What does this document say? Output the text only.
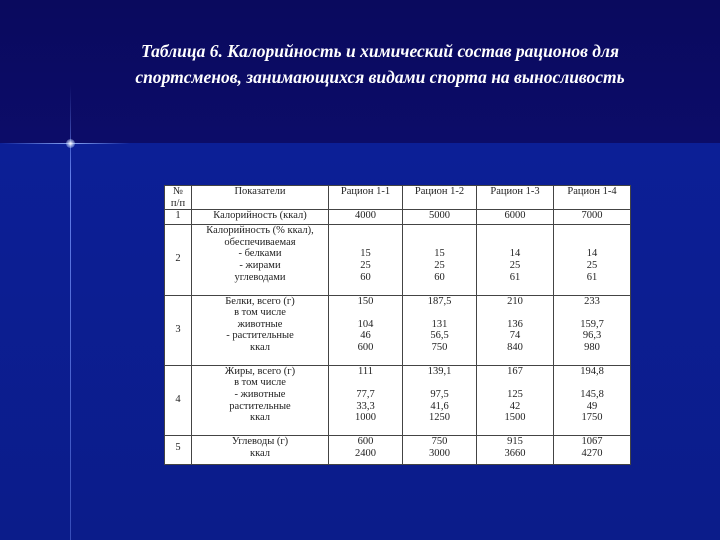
Таблица 6. Калорийность и химический состав рационов для
спортсменов, занимающихся видами спорта на выносливость
№
п/п	Показатели	Рацион 1-1	Рацион 1-2	Рацион 1-3	Рацион 1-4
1	Калорийность (ккал)	4000	5000	6000	7000

2	Калорийность (% ккал),
обеспечиваемая
- белками
- жирами
углеводами	15
25
60	15
25
60	14
25
61	14
25
61

3	Белки, всего (г)
в том числе
животные
- растительные
ккал	150

104
46
600	187,5

131
56,5
750	210

136
74
840	233

159,7
96,3
980

4	Жиры, всего (г)
в том числе
- животные
растительные
ккал	111

77,7
33,3
1000	139,1

97,5
41,6
1250	167

125
42
1500	194,8

145,8
49
1750

5	Углеводы (г)
ккал	600
2400	750
3000	915
3660	1067
4270
